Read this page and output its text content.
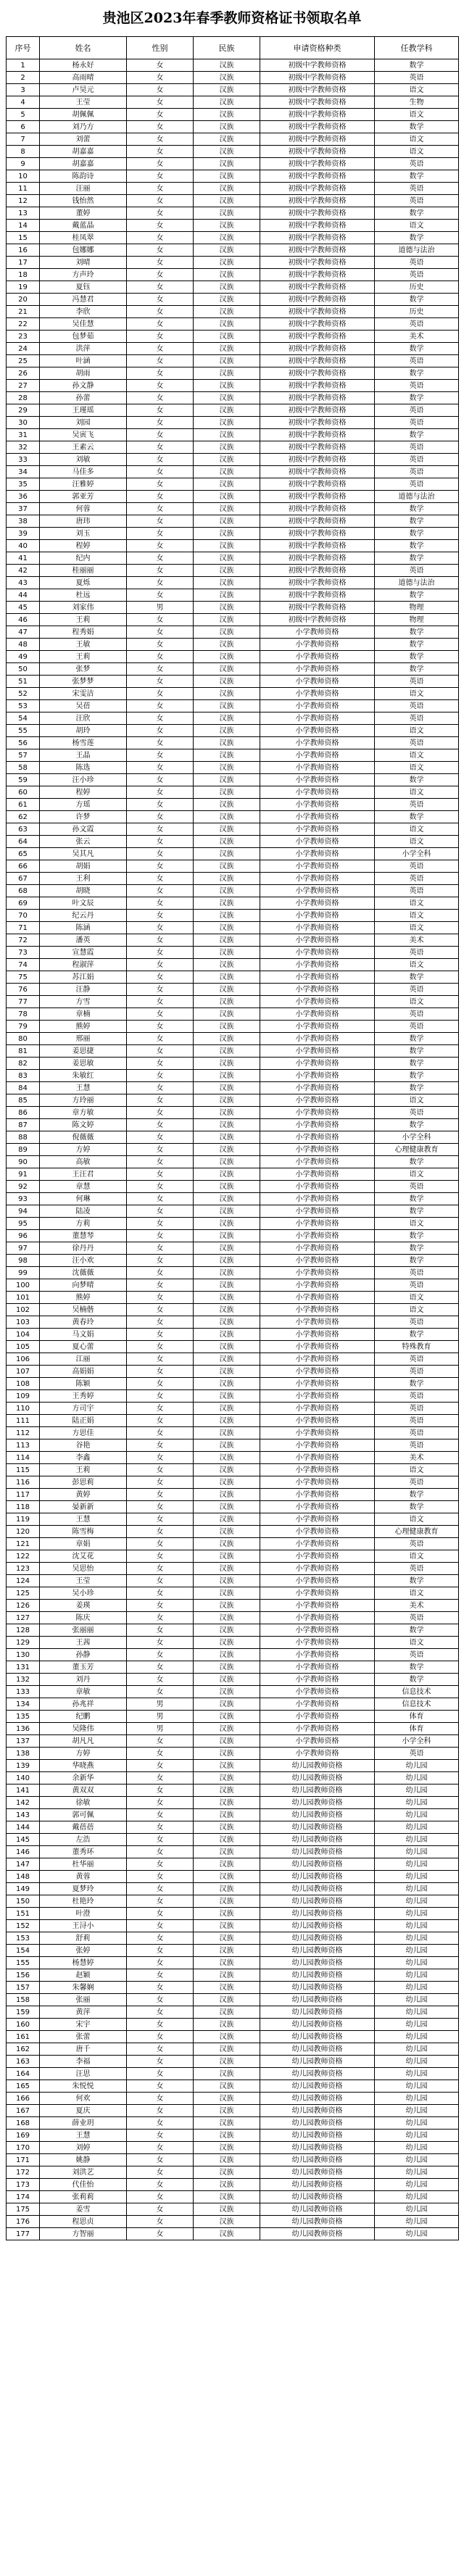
贵池区2023年春季教师资格证书领取名单
序号	姓名	性别	民族	申请资格种类	任教学科
1	杨永好	女	汉族	初级中学教师资格	数学
2	高雨晴	女	汉族	初级中学教师资格	英语
3	卢昊元	女	汉族	初级中学教师资格	语文
4	王莹	女	汉族	初级中学教师资格	生物
5	胡佩佩	女	汉族	初级中学教师资格	语文
6	刘乃方	女	汉族	初级中学教师资格	数学
7	刘蕾	女	汉族	初级中学教师资格	语文
8	胡嘉嘉	女	汉族	初级中学教师资格	语文
9	胡嘉嘉	女	汉族	初级中学教师资格	英语
10	陈韵诗	女	汉族	初级中学教师资格	数学
11	汪丽	女	汉族	初级中学教师资格	英语
12	钱怡然	女	汉族	初级中学教师资格	英语
13	董婷	女	汉族	初级中学教师资格	数学
14	戴蓝晶	女	汉族	初级中学教师资格	语文
15	桂凤翠	女	汉族	初级中学教师资格	数学
16	包娜娜	女	汉族	初级中学教师资格	道德与法治
17	刘晴	女	汉族	初级中学教师资格	英语
18	方声玲	女	汉族	初级中学教师资格	英语
19	夏钰	女	汉族	初级中学教师资格	历史
20	冯慧君	女	汉族	初级中学教师资格	数学
21	李欣	女	汉族	初级中学教师资格	历史
22	吴佳慧	女	汉族	初级中学教师资格	英语
23	包梦茹	女	汉族	初级中学教师资格	美术
24	洪萍	女	汉族	初级中学教师资格	数学
25	叶涵	女	汉族	初级中学教师资格	英语
26	胡雨	女	汉族	初级中学教师资格	数学
27	孙文静	女	汉族	初级中学教师资格	英语
28	孙蕾	女	汉族	初级中学教师资格	数学
29	王瑾瑶	女	汉族	初级中学教师资格	英语
30	刘园	女	汉族	初级中学教师资格	英语
31	吴寅飞	女	汉族	初级中学教师资格	数学
32	王素云	女	汉族	初级中学教师资格	英语
33	刘敏	女	汉族	初级中学教师资格	英语
34	马佳多	女	汉族	初级中学教师资格	英语
35	汪雅婷	女	汉族	初级中学教师资格	英语
36	郭亚芳	女	汉族	初级中学教师资格	道德与法治
37	何蓉	女	汉族	初级中学教师资格	数学
38	唐玮	女	汉族	初级中学教师资格	数学
39	刘玉	女	汉族	初级中学教师资格	数学
40	程婷	女	汉族	初级中学教师资格	数学
41	纪内	女	汉族	初级中学教师资格	数学
42	桂丽丽	女	汉族	初级中学教师资格	英语
43	夏烁	女	汉族	初级中学教师资格	道德与法治
44	杜远	女	汉族	初级中学教师资格	数学
45	刘家伟	男	汉族	初级中学教师资格	物理
46	王莉	女	汉族	初级中学教师资格	物理
47	程秀娟	女	汉族	小学教师资格	数学
48	王敏	女	汉族	小学教师资格	数学
49	王莉	女	汉族	小学教师资格	数学
50	张梦	女	汉族	小学教师资格	数学
51	张梦梦	女	汉族	小学教师资格	英语
52	宋雯洁	女	汉族	小学教师资格	语文
53	吴蓓	女	汉族	小学教师资格	英语
54	汪欣	女	汉族	小学教师资格	英语
55	胡玲	女	汉族	小学教师资格	语文
56	杨雪莲	女	汉族	小学教师资格	英语
57	王晶	女	汉族	小学教师资格	语文
58	陈选	女	汉族	小学教师资格	语文
59	汪小珍	女	汉族	小学教师资格	数学
60	程婷	女	汉族	小学教师资格	语文
61	方瑶	女	汉族	小学教师资格	英语
62	许梦	女	汉族	小学教师资格	数学
63	孙文霞	女	汉族	小学教师资格	语文
64	张云	女	汉族	小学教师资格	语文
65	吴其凡	女	汉族	小学教师资格	小学全科
66	胡娟	女	汉族	小学教师资格	英语
67	王利	女	汉族	小学教师资格	英语
68	胡晓	女	汉族	小学教师资格	英语
69	叶文辰	女	汉族	小学教师资格	语文
70	纪云丹	女	汉族	小学教师资格	语文
71	陈涵	女	汉族	小学教师资格	语文
72	潘英	女	汉族	小学教师资格	美术
73	宣慧霞	女	汉族	小学教师资格	英语
74	程淑萍	女	汉族	小学教师资格	语文
75	苏江娟	女	汉族	小学教师资格	数学
76	汪静	女	汉族	小学教师资格	英语
77	方雪	女	汉族	小学教师资格	语文
78	章楠	女	汉族	小学教师资格	英语
79	熊婷	女	汉族	小学教师资格	英语
80	邢丽	女	汉族	小学教师资格	数学
81	姜思捷	女	汉族	小学教师资格	数学
82	姜思敏	女	汉族	小学教师资格	数学
83	朱敏红	女	汉族	小学教师资格	数学
84	王慧	女	汉族	小学教师资格	数学
85	方玲丽	女	汉族	小学教师资格	语文
86	章方敏	女	汉族	小学教师资格	英语
87	陈文婷	女	汉族	小学教师资格	数学
88	倪薇薇	女	汉族	小学教师资格	小学全科
89	方婷	女	汉族	小学教师资格	心理健康教育
90	高敏	女	汉族	小学教师资格	数学
91	王汪君	女	汉族	小学教师资格	语文
92	章慧	女	汉族	小学教师资格	英语
93	何琳	女	汉族	小学教师资格	数学
94	陆凌	女	汉族	小学教师资格	数学
95	方莉	女	汉族	小学教师资格	语文
96	董慧琴	女	汉族	小学教师资格	数学
97	徐丹丹	女	汉族	小学教师资格	数学
98	汪小欢	女	汉族	小学教师资格	数学
99	沈薇薇	女	汉族	小学教师资格	英语
100	向梦晴	女	汉族	小学教师资格	英语
101	熊婷	女	汉族	小学教师资格	语文
102	吴楠偕	女	汉族	小学教师资格	语文
103	黄春玲	女	汉族	小学教师资格	英语
104	马文娟	女	汉族	小学教师资格	数学
105	夏心蕾	女	汉族	小学教师资格	特殊教育
106	江丽	女	汉族	小学教师资格	英语
107	高娟娟	女	汉族	小学教师资格	英语
108	陈颖	女	汉族	小学教师资格	数学
109	王秀婷	女	汉族	小学教师资格	英语
110	方司宇	女	汉族	小学教师资格	英语
111	陆正娟	女	汉族	小学教师资格	英语
112	方思佳	女	汉族	小学教师资格	英语
113	谷艳	女	汉族	小学教师资格	英语
114	李鑫	女	汉族	小学教师资格	美术
115	王莉	女	汉族	小学教师资格	语文
116	彭思莉	女	汉族	小学教师资格	英语
117	黄婷	女	汉族	小学教师资格	数学
118	晏新新	女	汉族	小学教师资格	数学
119	王慧	女	汉族	小学教师资格	语文
120	陈雪梅	女	汉族	小学教师资格	心理健康教育
121	章娟	女	汉族	小学教师资格	英语
122	沈艾花	女	汉族	小学教师资格	语文
123	吴思怡	女	汉族	小学教师资格	英语
124	王莹	女	汉族	小学教师资格	数学
125	吴小珍	女	汉族	小学教师资格	语文
126	姜瑛	女	汉族	小学教师资格	美术
127	陈庆	女	汉族	小学教师资格	英语
128	张丽丽	女	汉族	小学教师资格	数学
129	王茜	女	汉族	小学教师资格	语文
130	孙静	女	汉族	小学教师资格	英语
131	董玉芳	女	汉族	小学教师资格	数学
132	刘丹	女	汉族	小学教师资格	数学
133	章敏	女	汉族	小学教师资格	信息技术
134	孙兆祥	男	汉族	小学教师资格	信息技术
135	纪鹏	男	汉族	小学教师资格	体育
136	吴隆伟	男	汉族	小学教师资格	体育
137	胡凡凡	女	汉族	小学教师资格	小学全科
138	方婷	女	汉族	小学教师资格	英语
139	华晓燕	女	汉族	幼儿园教师资格	幼儿园
140	余新华	女	汉族	幼儿园教师资格	幼儿园
141	黄双双	女	汉族	幼儿园教师资格	幼儿园
142	徐敏	女	汉族	幼儿园教师资格	幼儿园
143	郭可佩	女	汉族	幼儿园教师资格	幼儿园
144	戴蓓蓓	女	汉族	幼儿园教师资格	幼儿园
145	左浩	女	汉族	幼儿园教师资格	幼儿园
146	董秀环	女	汉族	幼儿园教师资格	幼儿园
147	杜华丽	女	汉族	幼儿园教师资格	幼儿园
148	黄蓉	女	汉族	幼儿园教师资格	幼儿园
149	夏梦玲	女	汉族	幼儿园教师资格	幼儿园
150	杜艳玲	女	汉族	幼儿园教师资格	幼儿园
151	叶澄	女	汉族	幼儿园教师资格	幼儿园
152	王浔小	女	汉族	幼儿园教师资格	幼儿园
153	舒莉	女	汉族	幼儿园教师资格	幼儿园
154	张婷	女	汉族	幼儿园教师资格	幼儿园
155	杨慧婷	女	汉族	幼儿园教师资格	幼儿园
156	赵颖	女	汉族	幼儿园教师资格	幼儿园
157	朱馨娴	女	汉族	幼儿园教师资格	幼儿园
158	张丽	女	汉族	幼儿园教师资格	幼儿园
159	黄萍	女	汉族	幼儿园教师资格	幼儿园
160	宋宇	女	汉族	幼儿园教师资格	幼儿园
161	张蕾	女	汉族	幼儿园教师资格	幼儿园
162	唐千	女	汉族	幼儿园教师资格	幼儿园
163	李福	女	汉族	幼儿园教师资格	幼儿园
164	汪思	女	汉族	幼儿园教师资格	幼儿园
165	朱悦悦	女	汉族	幼儿园教师资格	幼儿园
166	何欢	女	汉族	幼儿园教师资格	幼儿园
167	夏庆	女	汉族	幼儿园教师资格	幼儿园
168	薛业玥	女	汉族	幼儿园教师资格	幼儿园
169	王慧	女	汉族	幼儿园教师资格	幼儿园
170	刘婷	女	汉族	幼儿园教师资格	幼儿园
171	姚静	女	汉族	幼儿园教师资格	幼儿园
172	刘洪艺	女	汉族	幼儿园教师资格	幼儿园
173	代佳怡	女	汉族	幼儿园教师资格	幼儿园
174	张莉莉	女	汉族	幼儿园教师资格	幼儿园
175	姜雪	女	汉族	幼儿园教师资格	幼儿园
176	程思贞	女	汉族	幼儿园教师资格	幼儿园
177	方智丽	女	汉族	幼儿园教师资格	幼儿园
